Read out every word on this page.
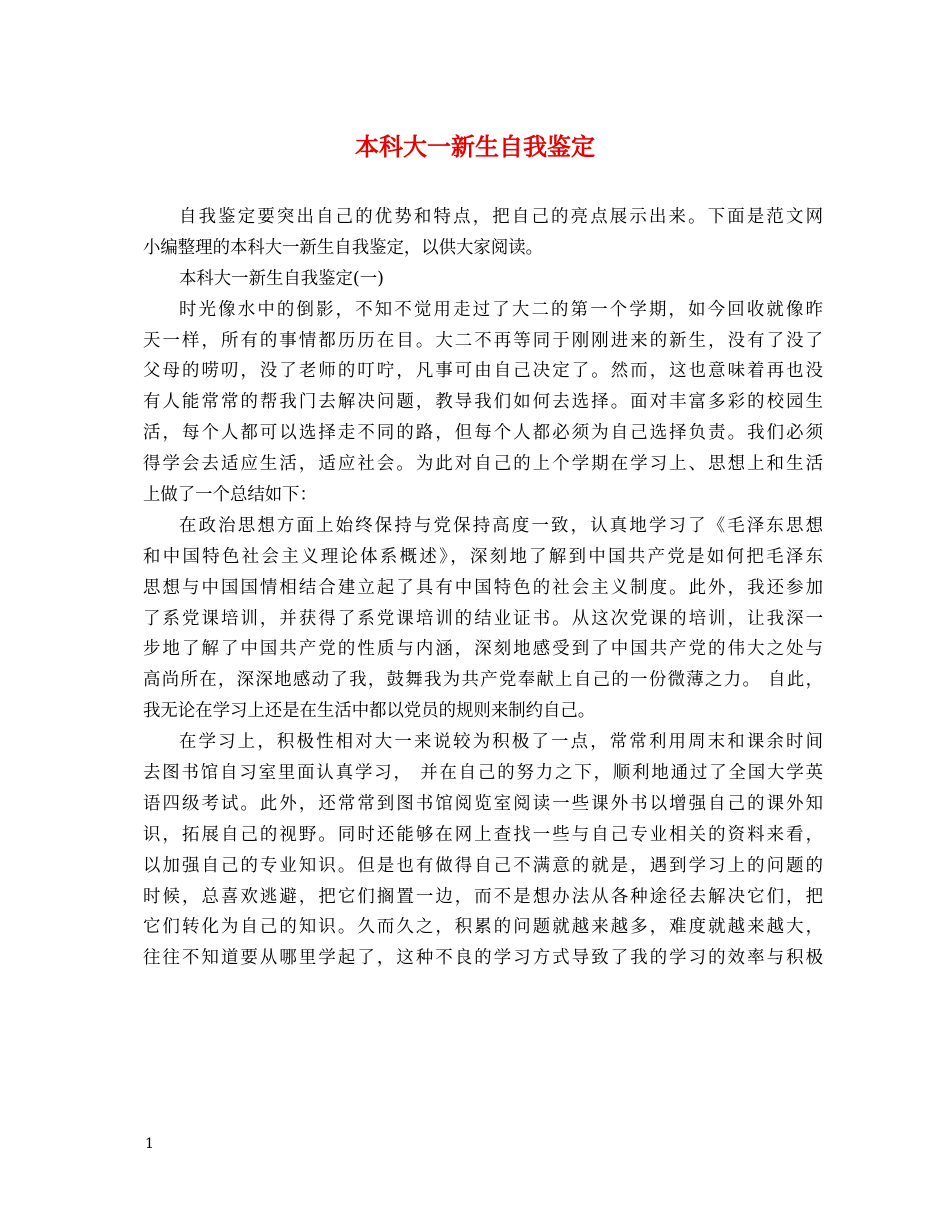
本科大一新生自我鉴定
自我鉴定要突出自己的优势和特点，把自己的亮点展示出来。下面是范文网
小编整理的本科大一新生自我鉴定，以供大家阅读。
本科大一新生自我鉴定(一)
时光像水中的倒影，不知不觉用走过了大二的第一个学期，如今回收就像昨
天一样，所有的事情都历历在目。大二不再等同于刚刚进来的新生，没有了没了
父母的唠叨，没了老师的叮咛，凡事可由自己决定了。然而，这也意味着再也没
有人能常常的帮我门去解决问题，教导我们如何去选择。面对丰富多彩的校园生
活，每个人都可以选择走不同的路，但每个人都必须为自己选择负责。我们必须
得学会去适应生活，适应社会。为此对自己的上个学期在学习上、思想上和生活
上做了一个总结如下：
在政治思想方面上始终保持与党保持高度一致，认真地学习了《毛泽东思想
和中国特色社会主义理论体系概述》，深刻地了解到中国共产党是如何把毛泽东
思想与中国国情相结合建立起了具有中国特色的社会主义制度。此外，我还参加
了系党课培训，并获得了系党课培训的结业证书。从这次党课的培训，让我深一
步地了解了中国共产党的性质与内涵，深刻地感受到了中国共产党的伟大之处与
高尚所在，深深地感动了我，鼓舞我为共产党奉献上自己的一份微薄之力。 自此，
我无论在学习上还是在生活中都以党员的规则来制约自己。
在学习上，积极性相对大一来说较为积极了一点，常常利用周末和课余时间
去图书馆自习室里面认真学习， 并在自己的努力之下，顺利地通过了全国大学英
语四级考试。此外，还常常到图书馆阅览室阅读一些课外书以增强自己的课外知
识，拓展自己的视野。同时还能够在网上查找一些与自己专业相关的资料来看，
以加强自己的专业知识。但是也有做得自己不满意的就是，遇到学习上的问题的
时候，总喜欢逃避，把它们搁置一边，而不是想办法从各种途径去解决它们，把
它们转化为自己的知识。久而久之，积累的问题就越来越多，难度就越来越大，
往往不知道要从哪里学起了，这种不良的学习方式导致了我的学习的效率与积极
1
